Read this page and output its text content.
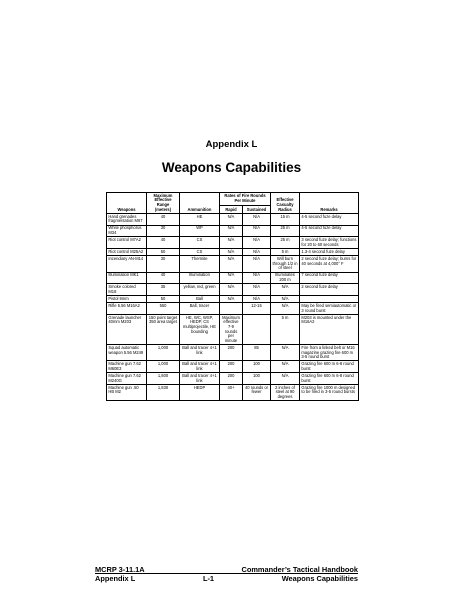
Appendix L
Weapons Capabilities
Weapons	Maximum Effective Range (meters)	Ammunition	Rates of Fire Rounds Per Minute		Effective Casualty Radius	Remarks
			Rapid	Sustained		
Hand grenades fragmentation M67	40	HE	N/A	N/A	15 m	4-5 second fuze delay
White phosphorus M34	30	WP	N/A	N/A	25 m	4-5 second fuze delay
Riot control M7A2	40	CS	N/A	N/A	25 m	3 second fuze delay; functions for 20 to 60 seconds
Riot control M25A2	50	CS	N/A	N/A	5 m	1.3-4 second fuze delay
Incendiary AN-M14	30	Thermite	N/A	N/A	Will burn through 1/2 in of steel	2 second fuze delay; burns for 40 seconds at 4,000° F
Illumination MK1	40	Illumination	N/A	N/A	Illuminates 200 m	7 second fuze delay
Smoke colored M18	35	yellow, red, green	N/A	N/A	N/A	2 second fuze delay
Pistol 9mm	50	Ball	N/A	N/A	N/A	
Rifle 5.56 M16A2	550	Ball, tracer		12-15	N/A	May be fired semiautomatic or 3 round burst
Grenade launcher 40mm M203	150 point target 350 area target	HE, WC, WSP, HEDP, CS multiprojectile, HE bounding	Maximum effective 7-9 rounds per minute		5 m	M203 is mounted under the M16A2
Squad automatic weapon 5.56 M249	1,000	Ball and tracer 4+1 link	200	85	N/A	Fire from a linked belt or M16 magazine grazing fire 600 m 3-5 round burst
Machine gun 7.62 M60E3	1,000	Ball and tracer 4+1 link	200	100	N/A	Grazing fire 600 m 6-8 round burst
Machine gun 7.62 M240G	1,800	Ball and tracer 4+1 link	200	100	N/A	Grazing fire 600 m 6-8 round burst
Machine gun .50 HB M2	1,830	HEDP	40+	40 rounds or fewer	2 inches of steel at 90 degrees	Grazing fire 1000 m designed to be fired in 3-5 round bursts
MCRP 3-11.1A	Commander’s Tactical Handbook
Appendix L	L-1	Weapons Capabilities
